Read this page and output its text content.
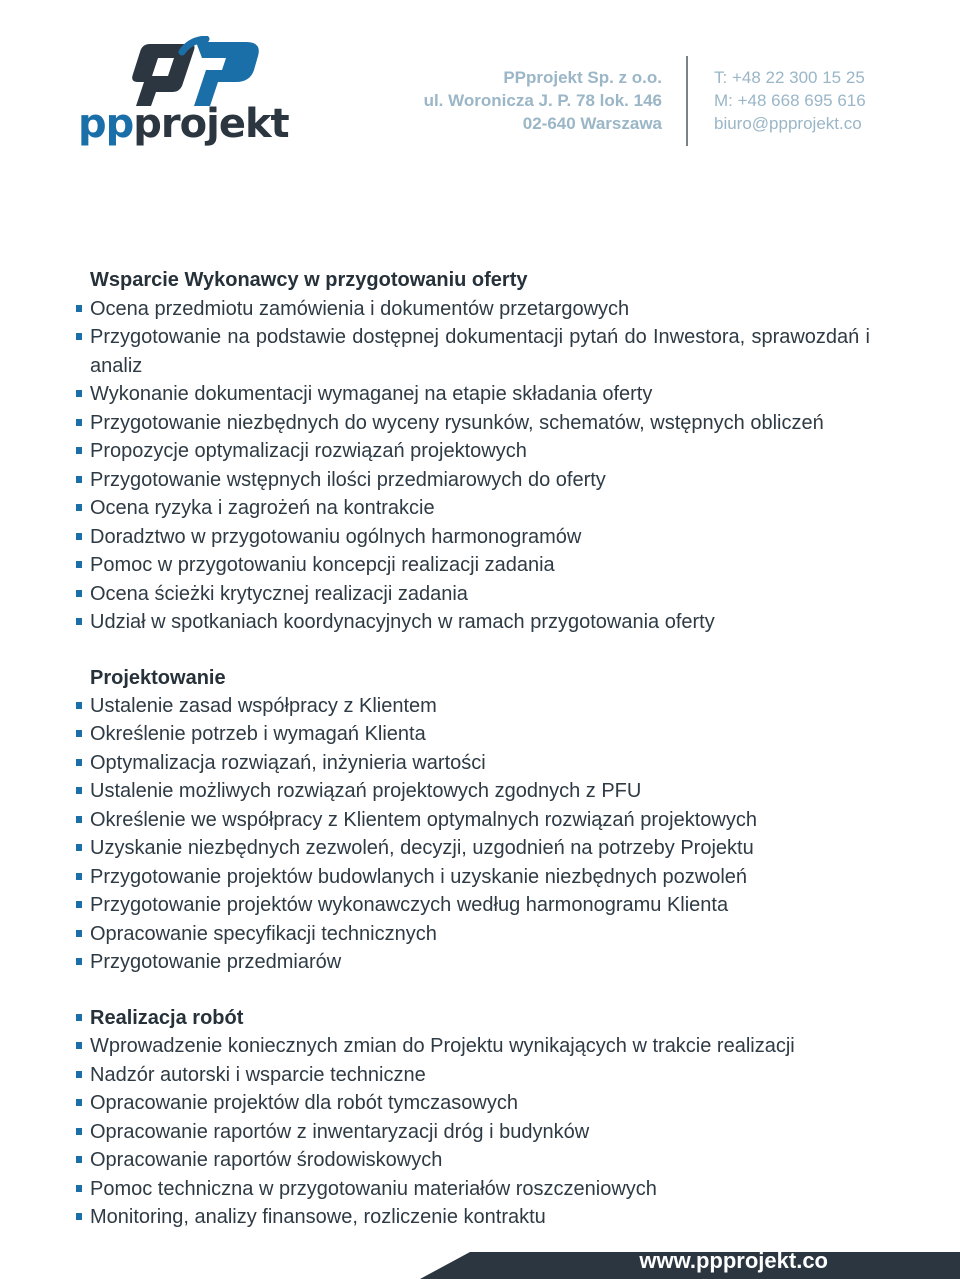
ppprojekt
PPprojekt Sp. z o.o.
ul. Woronicza J. P. 78 lok. 146
02-640 Warszawa
T: +48 22 300 15 25
M: +48 668 695 616
biuro@ppprojekt.co
Wsparcie Wykonawcy w przygotowaniu oferty
Ocena przedmiotu zamówienia i dokumentów przetargowych
Przygotowanie na podstawie dostępnej dokumentacji pytań do Inwestora, sprawozdań i analiz
Wykonanie dokumentacji wymaganej na etapie składania oferty
Przygotowanie niezbędnych do wyceny rysunków, schematów, wstępnych obliczeń
Propozycje optymalizacji rozwiązań projektowych
Przygotowanie wstępnych ilości przedmiarowych do oferty
Ocena ryzyka i zagrożeń na kontrakcie
Doradztwo w przygotowaniu ogólnych harmonogramów
Pomoc w przygotowaniu koncepcji realizacji zadania
Ocena ścieżki krytycznej realizacji zadania
Udział w spotkaniach koordynacyjnych w ramach przygotowania oferty
Projektowanie
Ustalenie zasad współpracy z Klientem
Określenie potrzeb i wymagań Klienta
Optymalizacja rozwiązań, inżynieria wartości
Ustalenie możliwych rozwiązań projektowych zgodnych z PFU
Określenie we współpracy z Klientem optymalnych rozwiązań projektowych
Uzyskanie niezbędnych zezwoleń, decyzji, uzgodnień na potrzeby Projektu
Przygotowanie projektów budowlanych i uzyskanie niezbędnych pozwoleń
Przygotowanie projektów wykonawczych według harmonogramu Klienta
Opracowanie specyfikacji technicznych
Przygotowanie przedmiarów
Realizacja robót
Wprowadzenie koniecznych zmian do Projektu wynikających w trakcie realizacji
Nadzór autorski i wsparcie techniczne
Opracowanie projektów dla robót tymczasowych
Opracowanie raportów z inwentaryzacji dróg i budynków
Opracowanie raportów środowiskowych
Pomoc techniczna w przygotowaniu materiałów roszczeniowych
Monitoring, analizy finansowe, rozliczenie kontraktu
www.ppprojekt.co
